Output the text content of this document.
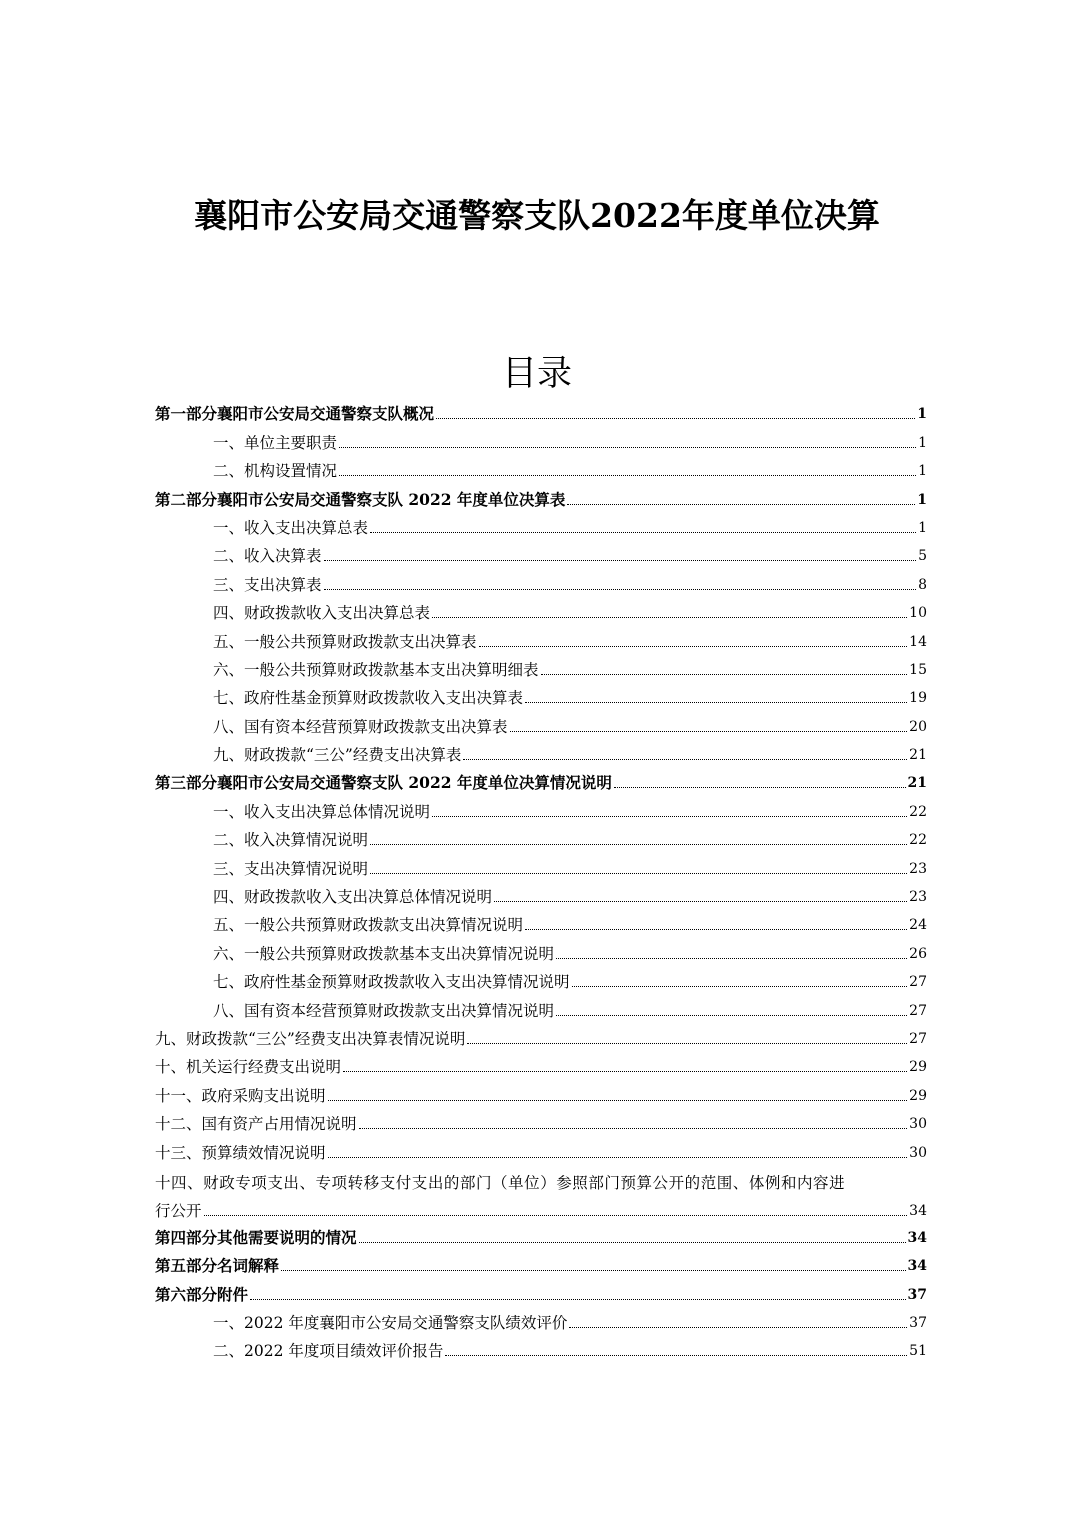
襄阳市公安局交通警察支队2022年度单位决算
目录
第一部分襄阳市公安局交通警察支队概况	1
一、单位主要职责	1
二、机构设置情况	1
第二部分襄阳市公安局交通警察支队 2022 年度单位决算表	1
一、收入支出决算总表	1
二、收入决算表	5
三、支出决算表	8
四、财政拨款收入支出决算总表	10
五、一般公共预算财政拨款支出决算表	14
六、一般公共预算财政拨款基本支出决算明细表	15
七、政府性基金预算财政拨款收入支出决算表	19
八、国有资本经营预算财政拨款支出决算表	20
九、财政拨款“三公”经费支出决算表	21
第三部分襄阳市公安局交通警察支队 2022 年度单位决算情况说明	21
一、收入支出决算总体情况说明	22
二、收入决算情况说明	22
三、支出决算情况说明	23
四、财政拨款收入支出决算总体情况说明	23
五、一般公共预算财政拨款支出决算情况说明	24
六、一般公共预算财政拨款基本支出决算情况说明	26
七、政府性基金预算财政拨款收入支出决算情况说明	27
八、国有资本经营预算财政拨款支出决算情况说明	27
九、财政拨款“三公”经费支出决算表情况说明	27
十、机关运行经费支出说明	29
十一、政府采购支出说明	29
十二、国有资产占用情况说明	30
十三、预算绩效情况说明	30
十四、财政专项支出、专项转移支付支出的部门（单位）参照部门预算公开的范围、体例和内容进
行公开	34
第四部分其他需要说明的情况	34
第五部分名词解释	34
第六部分附件	37
一、2022 年度襄阳市公安局交通警察支队绩效评价	37
二、2022 年度项目绩效评价报告	51
